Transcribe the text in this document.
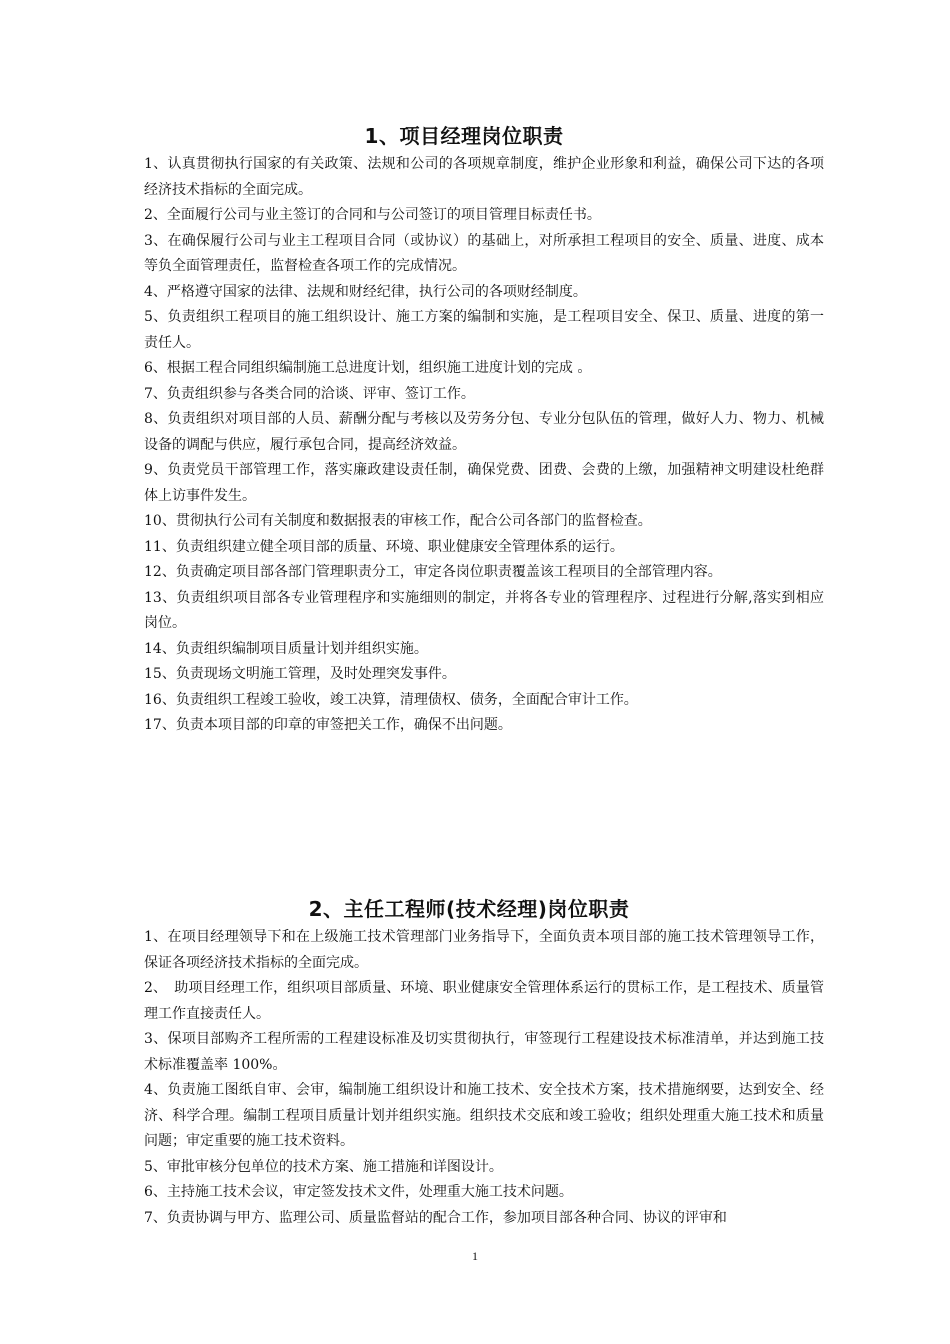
1、项目经理岗位职责
1、认真贯彻执行国家的有关政策、法规和公司的各项规章制度，维护企业形象和利益，确保公司下达的各项经济技术指标的全面完成。
2、全面履行公司与业主签订的合同和与公司签订的项目管理目标责任书。
3、在确保履行公司与业主工程项目合同（或协议）的基础上，对所承担工程项目的安全、质量、进度、成本等负全面管理责任，监督检查各项工作的完成情况。
4、严格遵守国家的法律、法规和财经纪律，执行公司的各项财经制度。
5、负责组织工程项目的施工组织设计、施工方案的编制和实施，是工程项目安全、保卫、质量、进度的第一责任人。
6、根据工程合同组织编制施工总进度计划，组织施工进度计划的完成 。
7、负责组织参与各类合同的洽谈、评审、签订工作。
8、负责组织对项目部的人员、薪酬分配与考核以及劳务分包、专业分包队伍的管理，做好人力、物力、机械设备的调配与供应，履行承包合同，提高经济效益。
9、负责党员干部管理工作，落实廉政建设责任制，确保党费、团费、会费的上缴，加强精神文明建设杜绝群体上访事件发生。
10、贯彻执行公司有关制度和数据报表的审核工作，配合公司各部门的监督检查。
11、负责组织建立健全项目部的质量、环境、职业健康安全管理体系的运行。
12、负责确定项目部各部门管理职责分工，审定各岗位职责覆盖该工程项目的全部管理内容。
13、负责组织项目部各专业管理程序和实施细则的制定，并将各专业的管理程序、过程进行分解,落实到相应岗位。
14、负责组织编制项目质量计划并组织实施。
15、负责现场文明施工管理，及时处理突发事件。
16、负责组织工程竣工验收，竣工决算，清理债权、债务，全面配合审计工作。
17、负责本项目部的印章的审签把关工作，确保不出问题。
2、主任工程师(技术经理)岗位职责
1、在项目经理领导下和在上级施工技术管理部门业务指导下，全面负责本项目部的施工技术管理领导工作，保证各项经济技术指标的全面完成。
2、　助项目经理工作，组织项目部质量、环境、职业健康安全管理体系运行的贯标工作，是工程技术、质量管理工作直接责任人。
3、保项目部购齐工程所需的工程建设标准及切实贯彻执行，审签现行工程建设技术标准清单，并达到施工技术标准覆盖率 100%。
4、负责施工图纸自审、会审，编制施工组织设计和施工技术、安全技术方案，技术措施纲要，达到安全、经济、科学合理。编制工程项目质量计划并组织实施。组织技术交底和竣工验收；组织处理重大施工技术和质量问题；审定重要的施工技术资料。
5、审批审核分包单位的技术方案、施工措施和详图设计。
6、主持施工技术会议，审定签发技术文件，处理重大施工技术问题。
7、负责协调与甲方、监理公司、质量监督站的配合工作，参加项目部各种合同、协议的评审和
1
